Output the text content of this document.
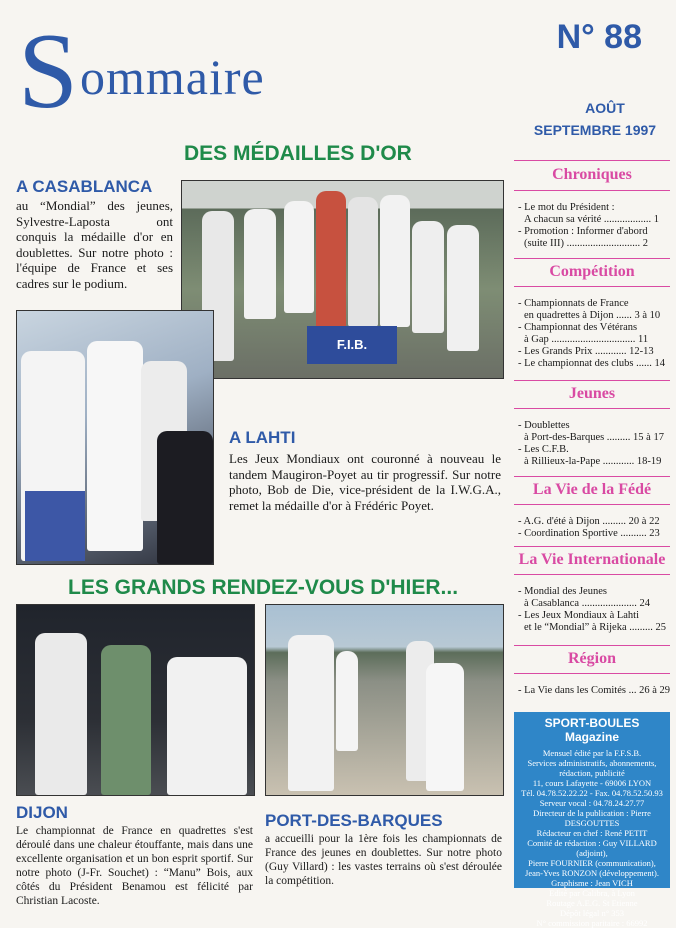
S ommaire
N° 88
AOÛT
SEPTEMBRE 1997
DES MÉDAILLES D'OR
A CASABLANCA
au “Mondial” des jeunes, Sylvestre-Laposta ont conquis la médaille d'or en doublettes. Sur notre photo : l'équipe de France et ses cadres sur le podium.
F.I.B.
A LAHTI
Les Jeux Mondiaux ont couronné à nouveau le tandem Maugiron-Poyet au tir progressif. Sur notre photo, Bob de Die, vice-président de la I.W.G.A., remet la médaille d'or à Frédéric Poyet.
LES GRANDS RENDEZ-VOUS D'HIER...
DIJON
Le championnat de France en quadrettes s'est déroulé dans une chaleur étouffante, mais dans une excellente organisation et un bon esprit sportif. Sur notre photo (J-Fr. Souchet) : “Manu” Bois, aux côtés du Président Benamou est félicité par Christian Lacoste.
PORT-DES-BARQUES
a accueilli pour la 1ère fois les championnats de France des jeunes en doublettes. Sur notre photo (Guy Villard) : les vastes terrains où s'est déroulée la compétition.
Chroniques
- Le mot du Président :
A chacun sa vérité .................. 1
- Promotion : Informer d'abord
(suite III) ............................ 2
Compétition
- Championnats de France
en quadrettes à Dijon ...... 3 à 10
- Championnat des Vétérans
à Gap ................................ 11
- Les Grands Prix ............ 12-13
- Le championnat des clubs ...... 14
Jeunes
- Doublettes
à Port-des-Barques ......... 15 à 17
- Les C.F.B.
à Rillieux-la-Pape ............ 18-19
La Vie de la Fédé
- A.G. d'été à Dijon ......... 20 à 22
- Coordination Sportive .......... 23
La Vie Internationale
- Mondial des Jeunes
à Casablanca ..................... 24
- Les Jeux Mondiaux à Lahti
et le “Mondial” à Rijeka ......... 25
Région
- La Vie dans les Comités ... 26 à 29
SPORT-BOULES
Magazine
Mensuel édité par la F.F.S.B.
Services administratifs, abonnements,
rédaction, publicité
11, cours Lafayette - 69006 LYON
Tél. 04.78.52.22.22 - Fax. 04.78.52.50.93
Serveur vocal : 04.78.24.27.77
Directeur de la publication : Pierre DESGOUTTES
Rédacteur en chef : René PETIT
Comité de rédaction : Guy VILLARD (adjoint),
Pierre FOURNIER (communication),
Jean-Yves RONZON (développement).
Graphisme : Jean VICH
Edité par Calibra, à Lyon
Routage A.E.G. St Etienne
Dépôt légal n° 353
N° commission paritaire : 66992
